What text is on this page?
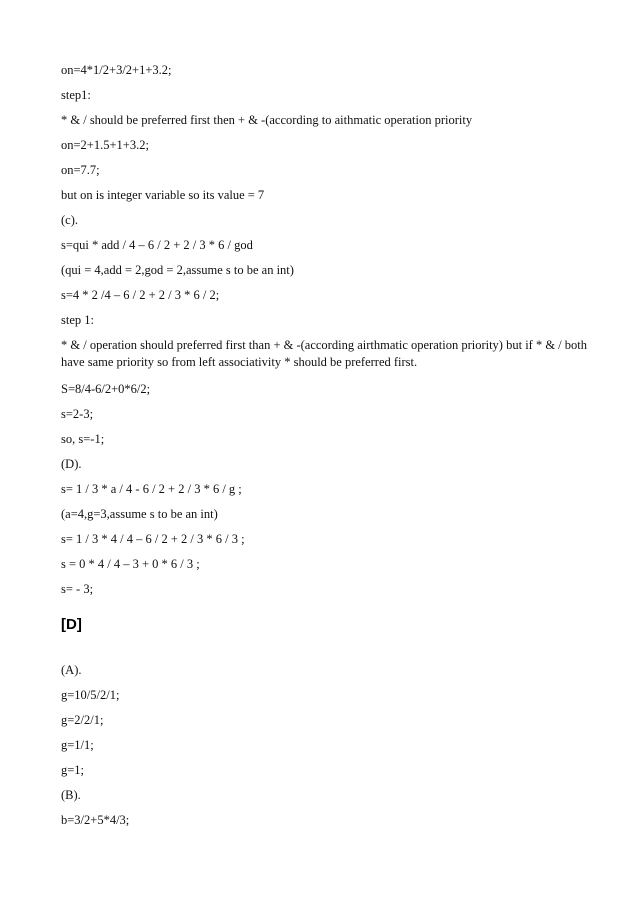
on=4*1/2+3/2+1+3.2;
step1:
* & / should be preferred first then + & -(according to aithmatic operation priority
on=2+1.5+1+3.2;
on=7.7;
but on is integer variable so its value = 7
(c).
s=qui * add / 4 – 6 / 2 + 2 / 3 * 6 / god
(qui = 4,add = 2,god = 2,assume s to be an int)
s=4 * 2 /4 – 6 / 2 + 2 / 3 * 6 / 2;
step 1:
* & / operation should preferred first than + & -(according airthmatic operation priority) but if * & / both have same priority so from left associativity * should be preferred first.
S=8/4-6/2+0*6/2;
s=2-3;
so, s=-1;
(D).
s= 1 / 3 * a / 4 - 6 / 2 + 2 / 3 * 6 / g ;
(a=4,g=3,assume s to be an int)
s= 1 / 3 * 4 / 4 – 6 / 2 + 2 / 3 * 6 / 3 ;
s = 0 * 4 / 4 – 3 + 0 * 6 / 3 ;
s= - 3;
[D]
(A).
g=10/5/2/1;
g=2/2/1;
g=1/1;
g=1;
(B).
b=3/2+5*4/3;
